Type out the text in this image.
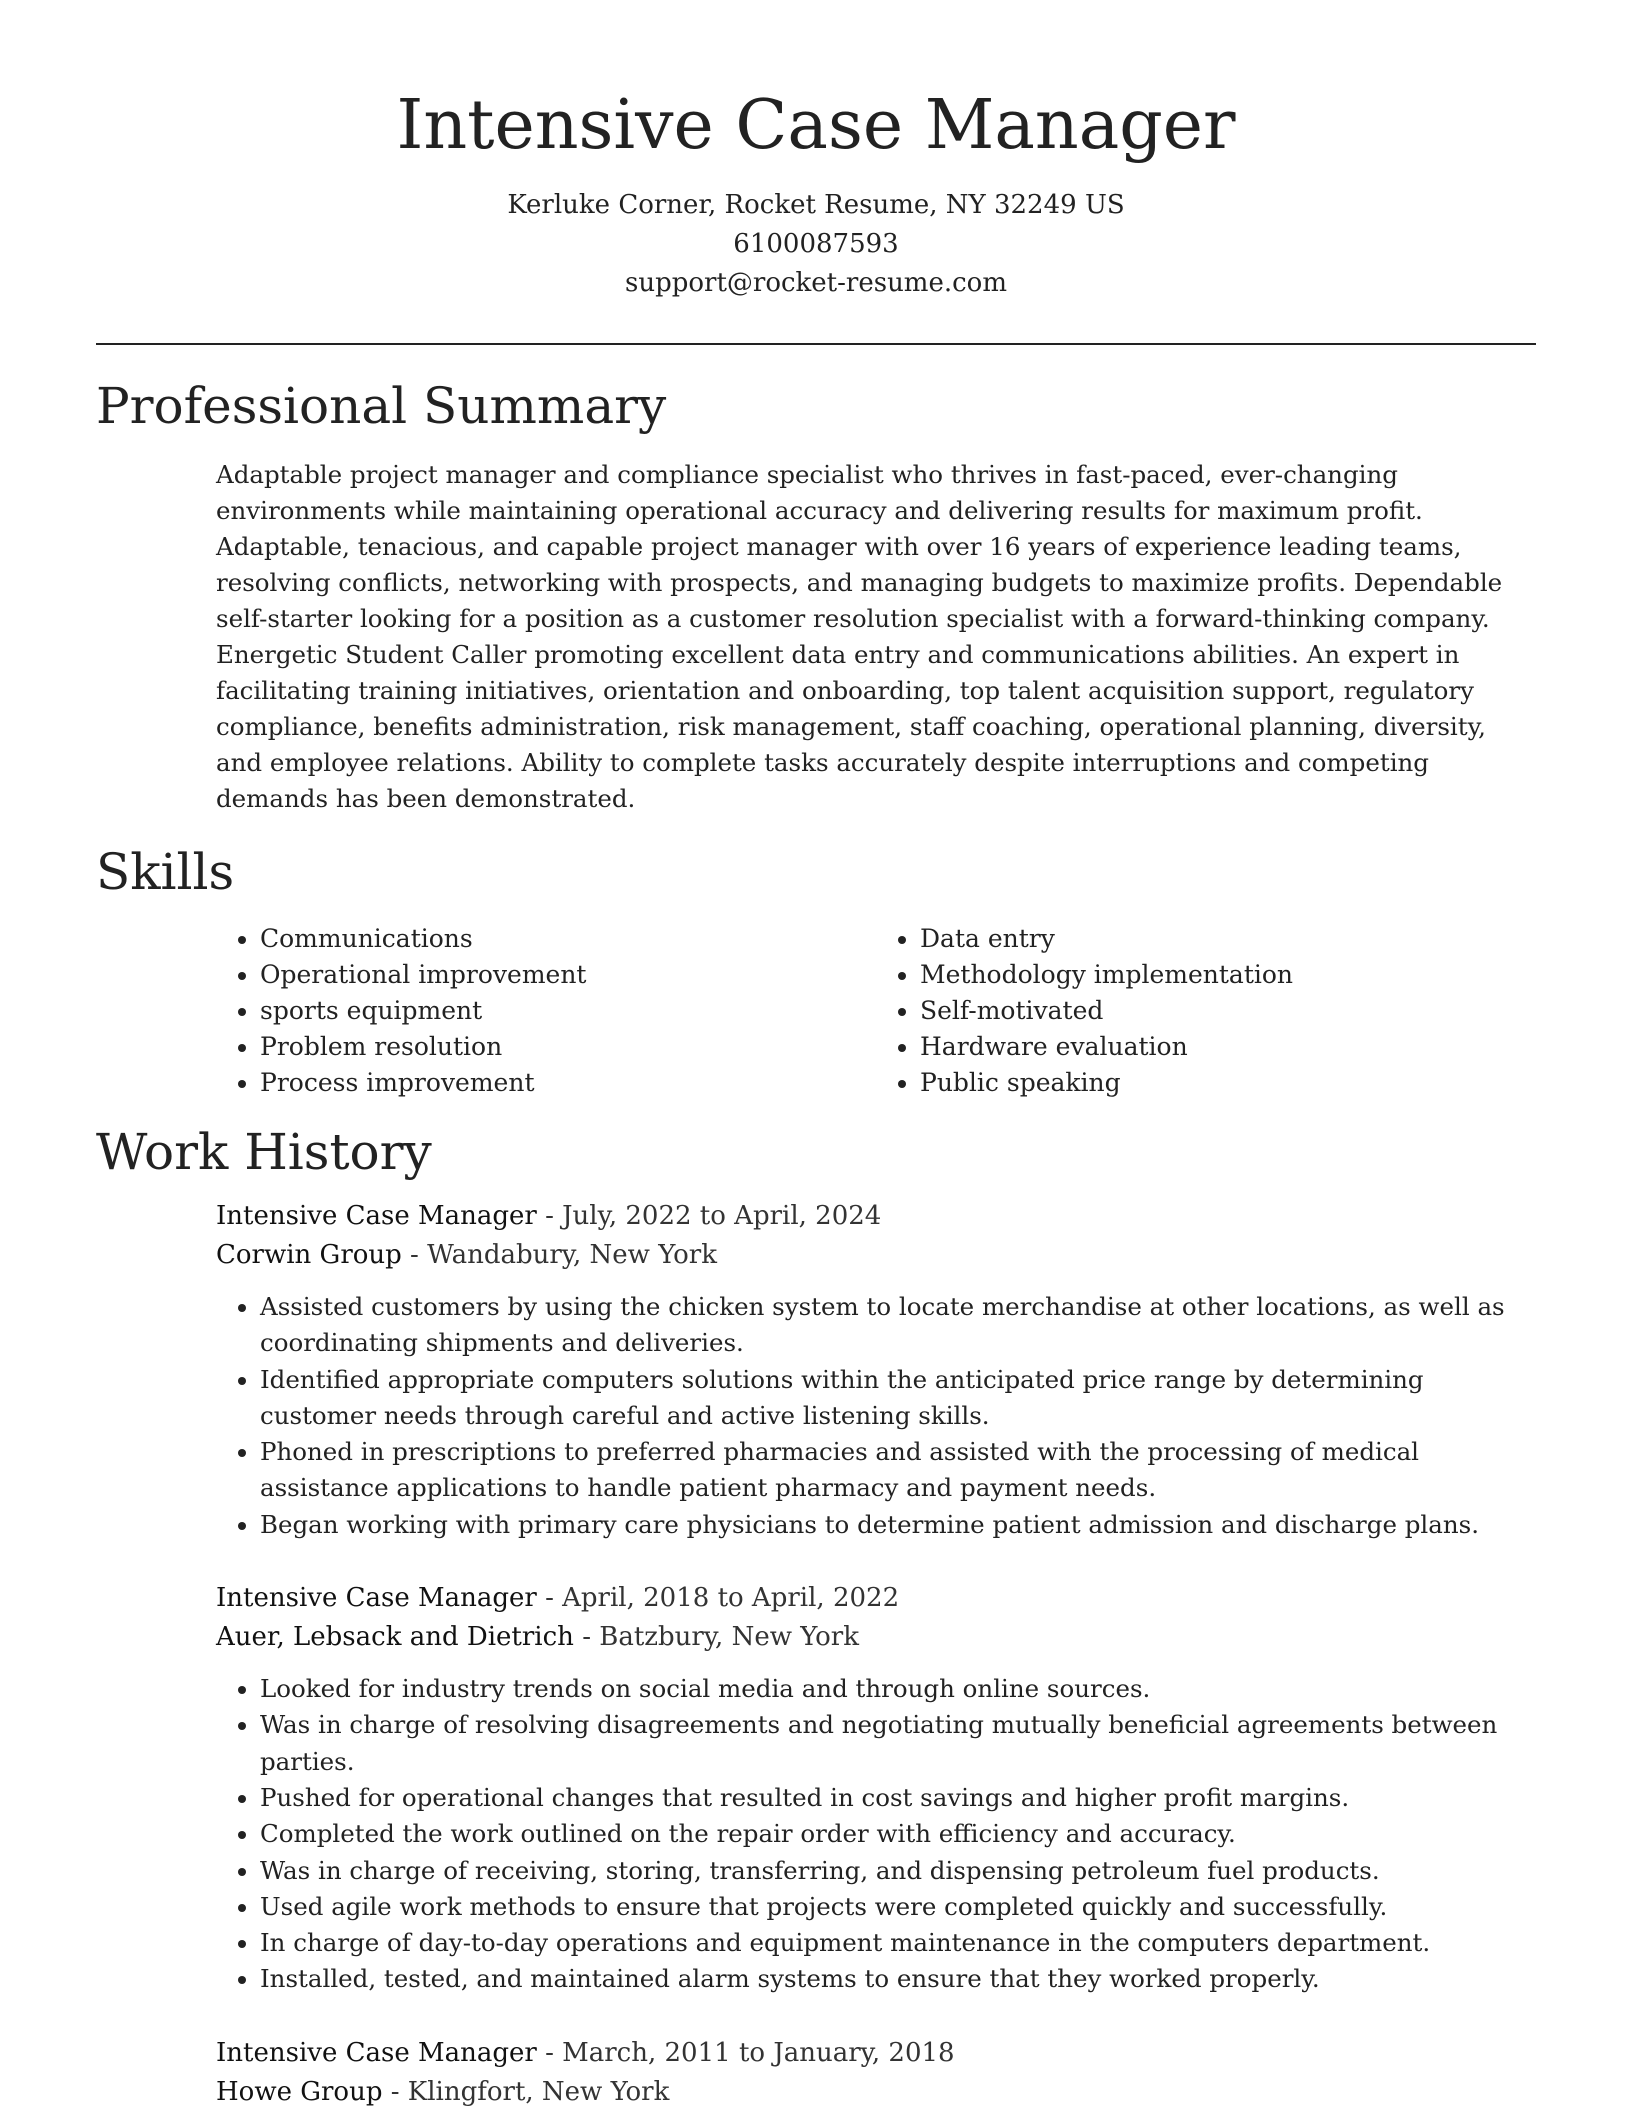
Intensive Case Manager

Kerluke Corner, Rocket Resume, NY 32249 US

6100087593

support@rocket-resume.com

Professional Summary

Adaptable project manager and compliance specialist who thrives in fast-paced, ever-changing environments while maintaining operational accuracy and delivering results for maximum profit. Adaptable, tenacious, and capable project manager with over 16 years of experience leading teams, resolving conflicts, networking with prospects, and managing budgets to maximize profits. Dependable self-starter looking for a position as a customer resolution specialist with a forward-thinking company. Energetic Student Caller promoting excellent data entry and communications abilities. An expert in facilitating training initiatives, orientation and onboarding, top talent acquisition support, regulatory compliance, benefits administration, risk management, staff coaching, operational planning, diversity, and employee relations. Ability to complete tasks accurately despite interruptions and competing demands has been demonstrated.

Skills
• Communications
• Operational improvement
• sports equipment
• Problem resolution
• Process improvement
• Data entry
• Methodology implementation
• Self-motivated
• Hardware evaluation
• Public speaking
Work History

Intensive Case Manager - July, 2022 to April, 2024

Corwin Group - Wandabury, New York

• Assisted customers by using the chicken system to locate merchandise at other locations, as well as coordinating shipments and deliveries.
• Identified appropriate computers solutions within the anticipated price range by determining customer needs through careful and active listening skills.
• Phoned in prescriptions to preferred pharmacies and assisted with the processing of medical assistance applications to handle patient pharmacy and payment needs.
• Began working with primary care physicians to determine patient admission and discharge plans.

Intensive Case Manager - April, 2018 to April, 2022

Auer, Lebsack and Dietrich - Batzbury, New York

• Looked for industry trends on social media and through online sources.
• Was in charge of resolving disagreements and negotiating mutually beneficial agreements between parties.
• Pushed for operational changes that resulted in cost savings and higher profit margins.
• Completed the work outlined on the repair order with efficiency and accuracy.
• Was in charge of receiving, storing, transferring, and dispensing petroleum fuel products.
• Used agile work methods to ensure that projects were completed quickly and successfully.
• In charge of day-to-day operations and equipment maintenance in the computers department.
• Installed, tested, and maintained alarm systems to ensure that they worked properly.

Intensive Case Manager - March, 2011 to January, 2018

Howe Group - Klingfort, New York
